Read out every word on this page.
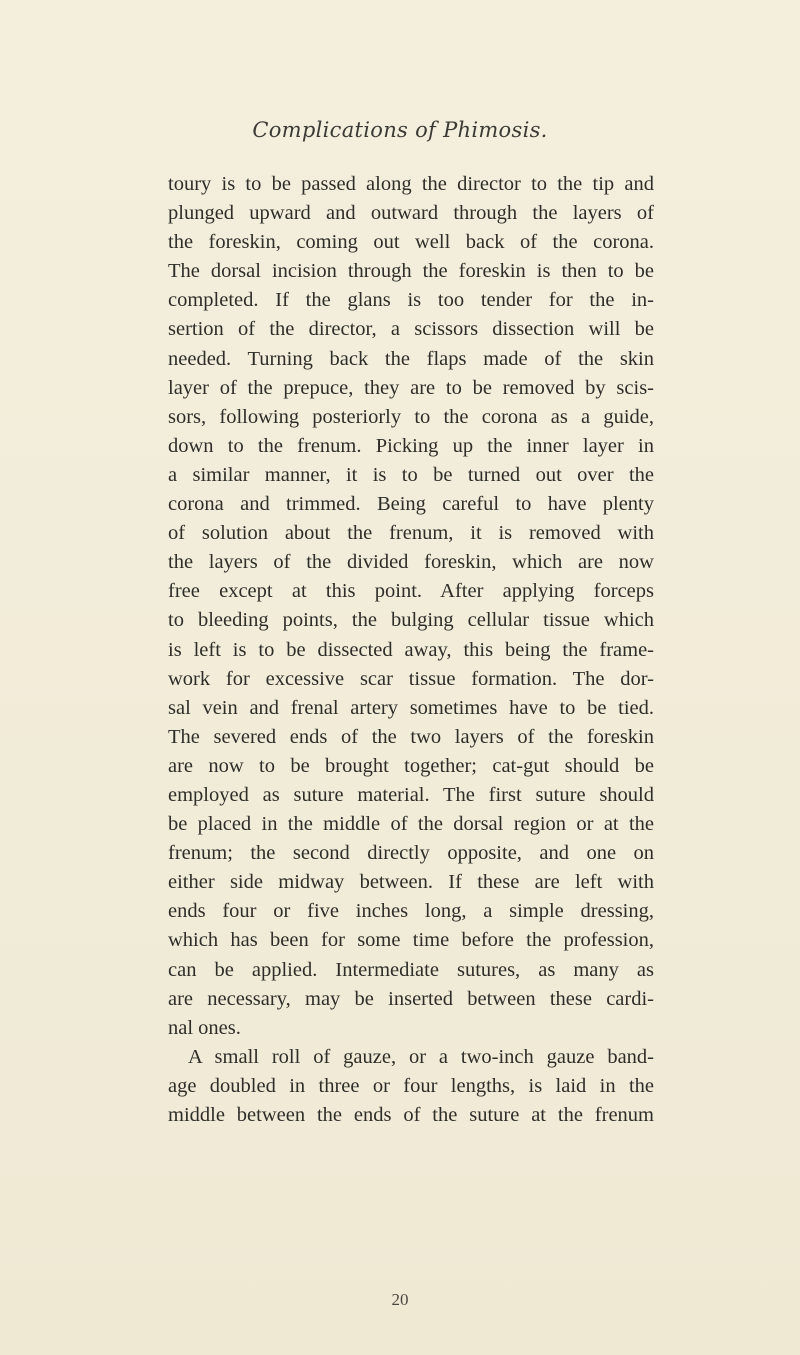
Complications of Phimosis.
toury is to be passed along the director to the tip and
plunged upward and outward through the layers of
the foreskin, coming out well back of the corona.
The dorsal incision through the foreskin is then to be
completed. If the glans is too tender for the in-
sertion of the director, a scissors dissection will be
needed. Turning back the flaps made of the skin
layer of the prepuce, they are to be removed by scis-
sors, following posteriorly to the corona as a guide,
down to the frenum. Picking up the inner layer in
a similar manner, it is to be turned out over the
corona and trimmed. Being careful to have plenty
of solution about the frenum, it is removed with
the layers of the divided foreskin, which are now
free except at this point. After applying forceps
to bleeding points, the bulging cellular tissue which
is left is to be dissected away, this being the frame-
work for excessive scar tissue formation. The dor-
sal vein and frenal artery sometimes have to be tied.
The severed ends of the two layers of the foreskin
are now to be brought together; cat-gut should be
employed as suture material. The first suture should
be placed in the middle of the dorsal region or at the
frenum; the second directly opposite, and one on
either side midway between. If these are left with
ends four or five inches long, a simple dressing,
which has been for some time before the profession,
can be applied. Intermediate sutures, as many as
are necessary, may be inserted between these cardi-
nal ones.
A small roll of gauze, or a two-inch gauze band-
age doubled in three or four lengths, is laid in the
middle between the ends of the suture at the frenum
20
